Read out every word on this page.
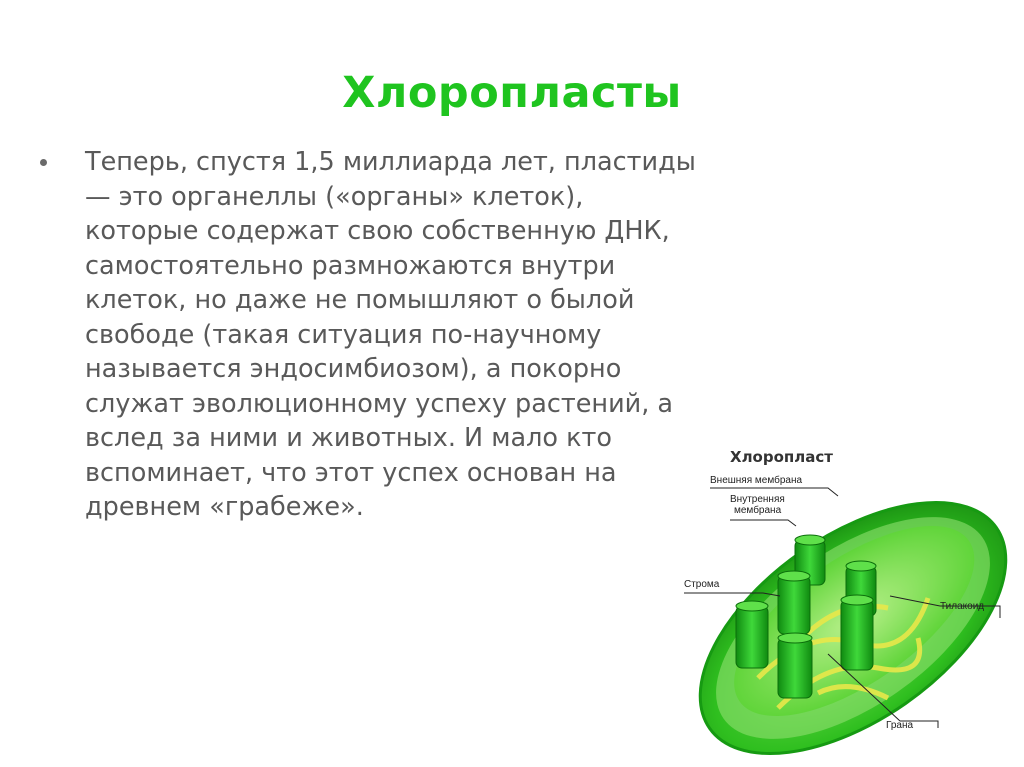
Хлоропласты
Теперь, спустя 1,5 миллиарда лет, пластиды
— это органеллы («органы» клеток),
которые содержат свою собственную ДНК,
самостоятельно размножаются внутри
клеток, но даже не помышляют о былой
свободе (такая ситуация по-научному
называется эндосимбиозом), а покорно
служат эволюционному успеху растений, а
вслед за ними и животных. И мало кто
вспоминает, что этот успех основан на
древнем «грабеже».
Хлоропласт
Внешняя мембрана
Внутренняя
мембрана
Строма
Тилакоид
Грана
